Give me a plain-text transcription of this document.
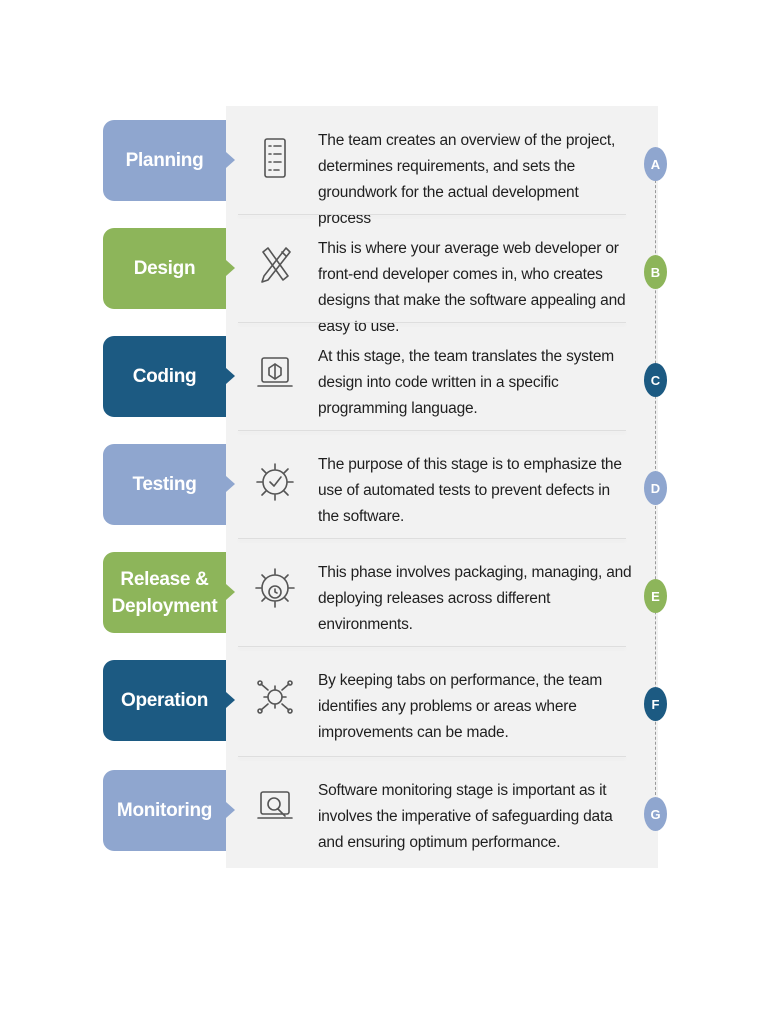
Planning
The team creates an overview of the project, determines requirements, and sets the groundwork for the actual development process
A
Design
This is where your average web developer or front-end developer comes in, who creates designs that make the software appealing and easy to use.
B
Coding
At this stage, the team translates the system design into code written in a specific programming language.
C
Testing
The purpose of this stage is to emphasize the use of automated tests to prevent defects in the software.
D
Release &
Deployment
This phase involves packaging, managing, and deploying releases across different environments.
E
Operation
By keeping tabs on performance, the team identifies any problems or areas where improvements can be made.
F
Monitoring
Software monitoring stage is important as it involves the imperative of safeguarding data and ensuring optimum performance.
G
